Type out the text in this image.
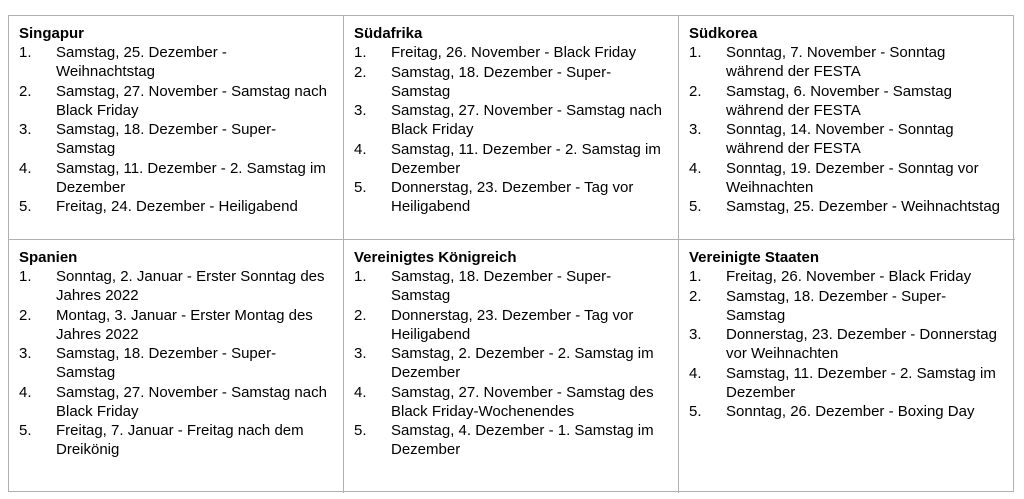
Singapur
1.	Samstag, 25. Dezember - Weihnachtstag
2.	Samstag, 27. November - Samstag nach Black Friday
3.	Samstag, 18. Dezember - Super-Samstag
4.	Samstag, 11. Dezember - 2. Samstag im Dezember
5.	Freitag, 24. Dezember - Heiligabend
Südafrika
1.	Freitag, 26. November - Black Friday
2.	Samstag, 18. Dezember - Super-Samstag
3.	Samstag, 27. November - Samstag nach Black Friday
4.	Samstag, 11. Dezember - 2. Samstag im Dezember
5.	Donnerstag, 23. Dezember - Tag vor Heiligabend
Südkorea
1.	Sonntag, 7. November - Sonntag während der FESTA
2.	Samstag, 6. November - Samstag während der FESTA
3.	Sonntag, 14. November - Sonntag während der FESTA
4.	Sonntag, 19. Dezember - Sonntag vor Weihnachten
5.	Samstag, 25. Dezember - Weihnachtstag
Spanien
1.	Sonntag, 2. Januar - Erster Sonntag des Jahres 2022
2.	Montag, 3. Januar - Erster Montag des Jahres 2022
3.	Samstag, 18. Dezember - Super-Samstag
4.	Samstag, 27. November - Samstag nach Black Friday
5.	Freitag, 7. Januar - Freitag nach dem Dreikönig
Vereinigtes Königreich
1.	Samstag, 18. Dezember - Super-Samstag
2.	Donnerstag, 23. Dezember - Tag vor Heiligabend
3.	Samstag, 2. Dezember - 2. Samstag im Dezember
4.	Samstag, 27. November - Samstag des Black Friday-Wochenendes
5.	Samstag, 4. Dezember - 1. Samstag im Dezember
Vereinigte Staaten
1.	Freitag, 26. November - Black Friday
2.	Samstag, 18. Dezember - Super-Samstag
3.	Donnerstag, 23. Dezember - Donnerstag vor Weihnachten
4.	Samstag, 11. Dezember - 2. Samstag im Dezember
5.	Sonntag, 26. Dezember - Boxing Day
